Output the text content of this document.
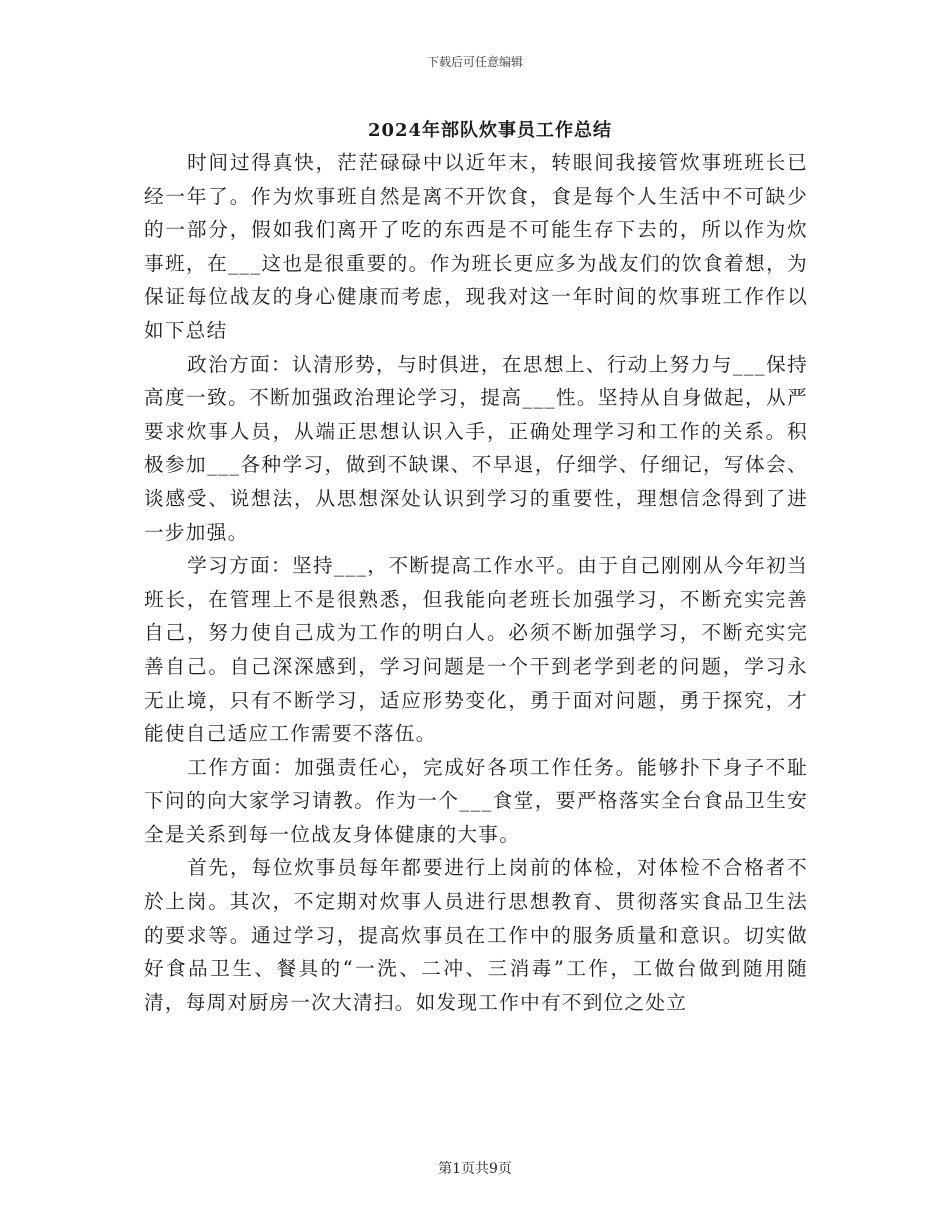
下载后可任意编辑
2024年部队炊事员工作总结

时间过得真快，茫茫碌碌中以近年末，转眼间我接管炊事班班长已经一年了。作为炊事班自然是离不开饮食，食是每个人生活中不可缺少的一部分，假如我们离开了吃的东西是不可能生存下去的，所以作为炊事班，在___这也是很重要的。作为班长更应多为战友们的饮食着想，为保证每位战友的身心健康而考虑，现我对这一年时间的炊事班工作作以如下总结

政治方面：认清形势，与时俱进，在思想上、行动上努力与___保持高度一致。不断加强政治理论学习，提高___性。坚持从自身做起，从严要求炊事人员，从端正思想认识入手，正确处理学习和工作的关系。积极参加___各种学习，做到不缺课、不早退，仔细学、仔细记，写体会、谈感受、说想法，从思想深处认识到学习的重要性，理想信念得到了进一步加强。

学习方面：坚持___，不断提高工作水平。由于自己刚刚从今年初当班长，在管理上不是很熟悉，但我能向老班长加强学习，不断充实完善自己，努力使自己成为工作的明白人。必须不断加强学习，不断充实完善自己。自己深深感到，学习问题是一个干到老学到老的问题，学习永无止境，只有不断学习，适应形势变化，勇于面对问题，勇于探究，才能使自己适应工作需要不落伍。

工作方面：加强责任心，完成好各项工作任务。能够扑下身子不耻下问的向大家学习请教。作为一个___食堂，要严格落实全台食品卫生安全是关系到每一位战友身体健康的大事。

首先，每位炊事员每年都要进行上岗前的体检，对体检不合格者不於上岗。其次，不定期对炊事人员进行思想教育、贯彻落实食品卫生法的要求等。通过学习，提高炊事员在工作中的服务质量和意识。切实做好食品卫生、餐具的“一洗、二冲、三消毒”工作，工做台做到随用随清，每周对厨房一次大清扫。如发现工作中有不到位之处立

第1页共9页
